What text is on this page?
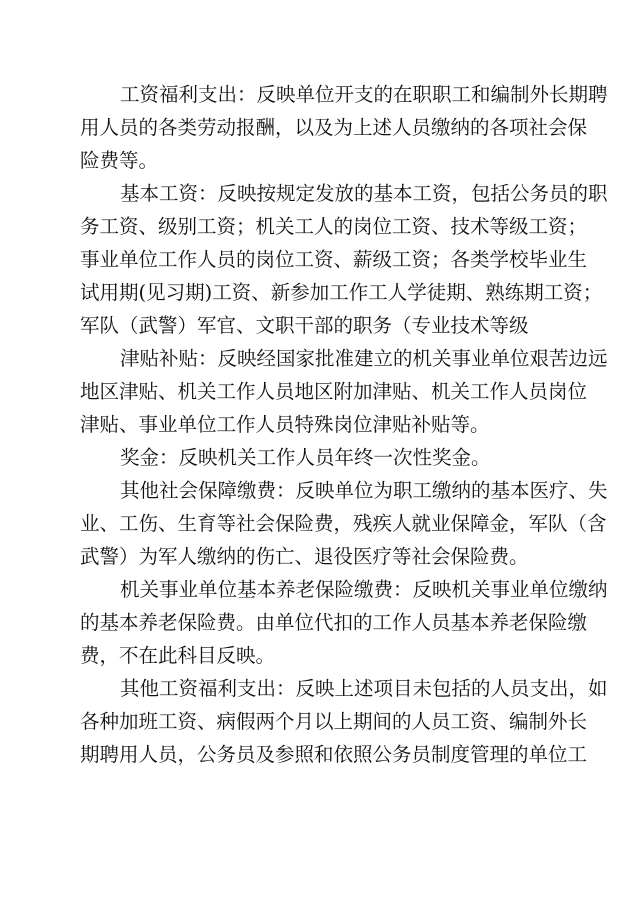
工资福利支出：反映单位开支的在职职工和编制外长期聘

用人员的各类劳动报酬，以及为上述人员缴纳的各项社会保

险费等。

基本工资：反映按规定发放的基本工资，包括公务员的职

务工资、级别工资；机关工人的岗位工资、技术等级工资；

事业单位工作人员的岗位工资、薪级工资；各类学校毕业生

试用期(见习期)工资、新参加工作工人学徒期、熟练期工资；

军队（武警）军官、文职干部的职务（专业技术等级

津贴补贴：反映经国家批准建立的机关事业单位艰苦边远

地区津贴、机关工作人员地区附加津贴、机关工作人员岗位

津贴、事业单位工作人员特殊岗位津贴补贴等。

奖金：反映机关工作人员年终一次性奖金。

其他社会保障缴费：反映单位为职工缴纳的基本医疗、失

业、工伤、生育等社会保险费，残疾人就业保障金，军队（含

武警）为军人缴纳的伤亡、退役医疗等社会保险费。

机关事业单位基本养老保险缴费：反映机关事业单位缴纳

的基本养老保险费。由单位代扣的工作人员基本养老保险缴

费，不在此科目反映。

其他工资福利支出：反映上述项目未包括的人员支出，如

各种加班工资、病假两个月以上期间的人员工资、编制外长

期聘用人员，公务员及参照和依照公务员制度管理的单位工
